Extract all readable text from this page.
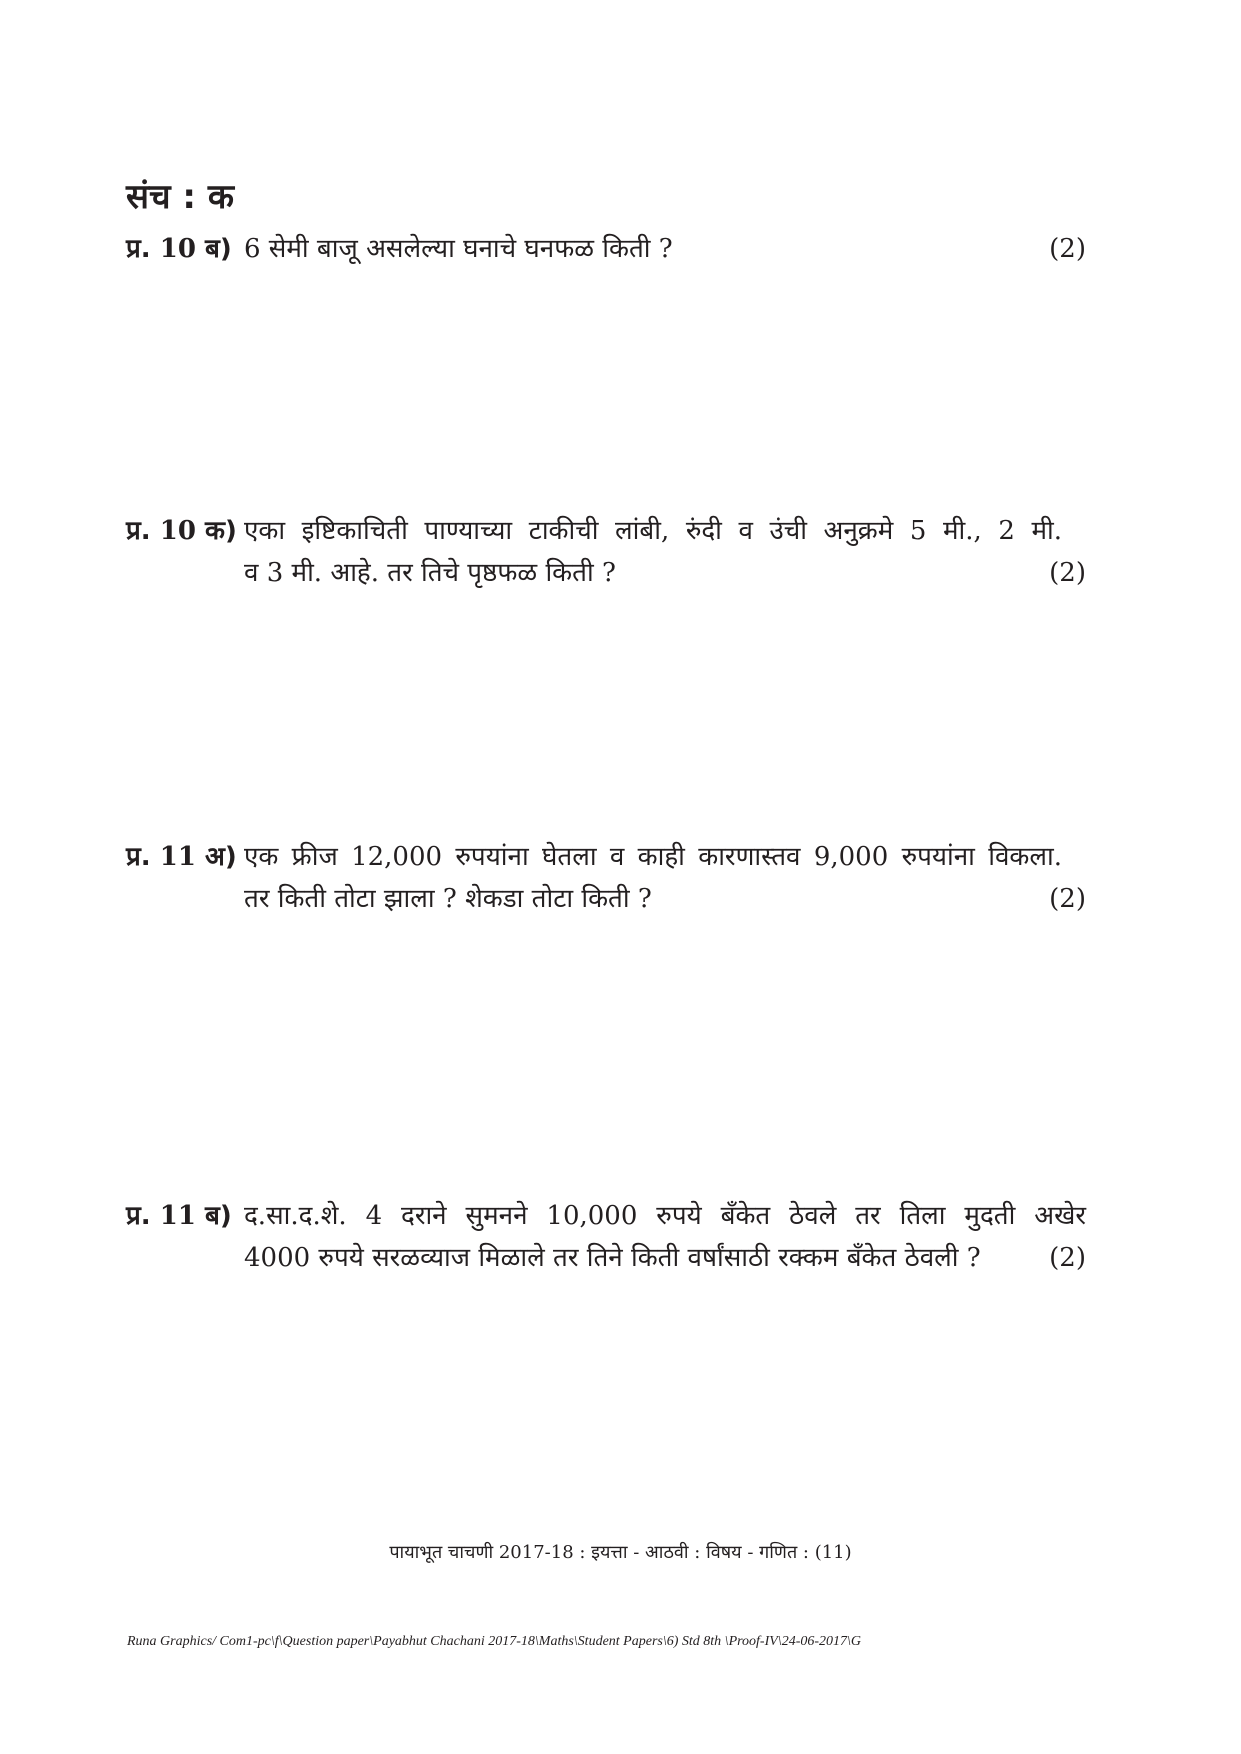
संच : क
प्र. 10 ब) 6 सेमी बाजू असलेल्या घनाचे घनफळ किती ?	(2)
प्र. 10 क) एका इष्टिकाचिती पाण्याच्या टाकीची लांबी, रुंदी व उंची अनुक्रमे 5 मी., 2 मी.
व 3 मी. आहे. तर तिचे पृष्ठफळ किती ?	(2)
प्र. 11 अ) एक फ्रीज 12,000 रुपयांना घेतला व काही कारणास्तव 9,000 रुपयांना विकला.
तर किती तोटा झाला ? शेकडा तोटा किती ?	(2)
प्र. 11 ब) द.सा.द.शे. 4 दराने सुमनने 10,000 रुपये बँकेत ठेवले तर तिला मुदती अखेर
4000 रुपये सरळव्याज मिळाले तर तिने किती वर्षांसाठी रक्कम बँकेत ठेवली ?	(2)
पायाभूत चाचणी 2017-18 : इयत्ता - आठवी : विषय - गणित : (11)
Runa Graphics/ Com1-pc\f\Question paper\Payabhut Chachani 2017-18\Maths\Student Papers\6) Std 8th \Proof-IV\24-06-2017\G
